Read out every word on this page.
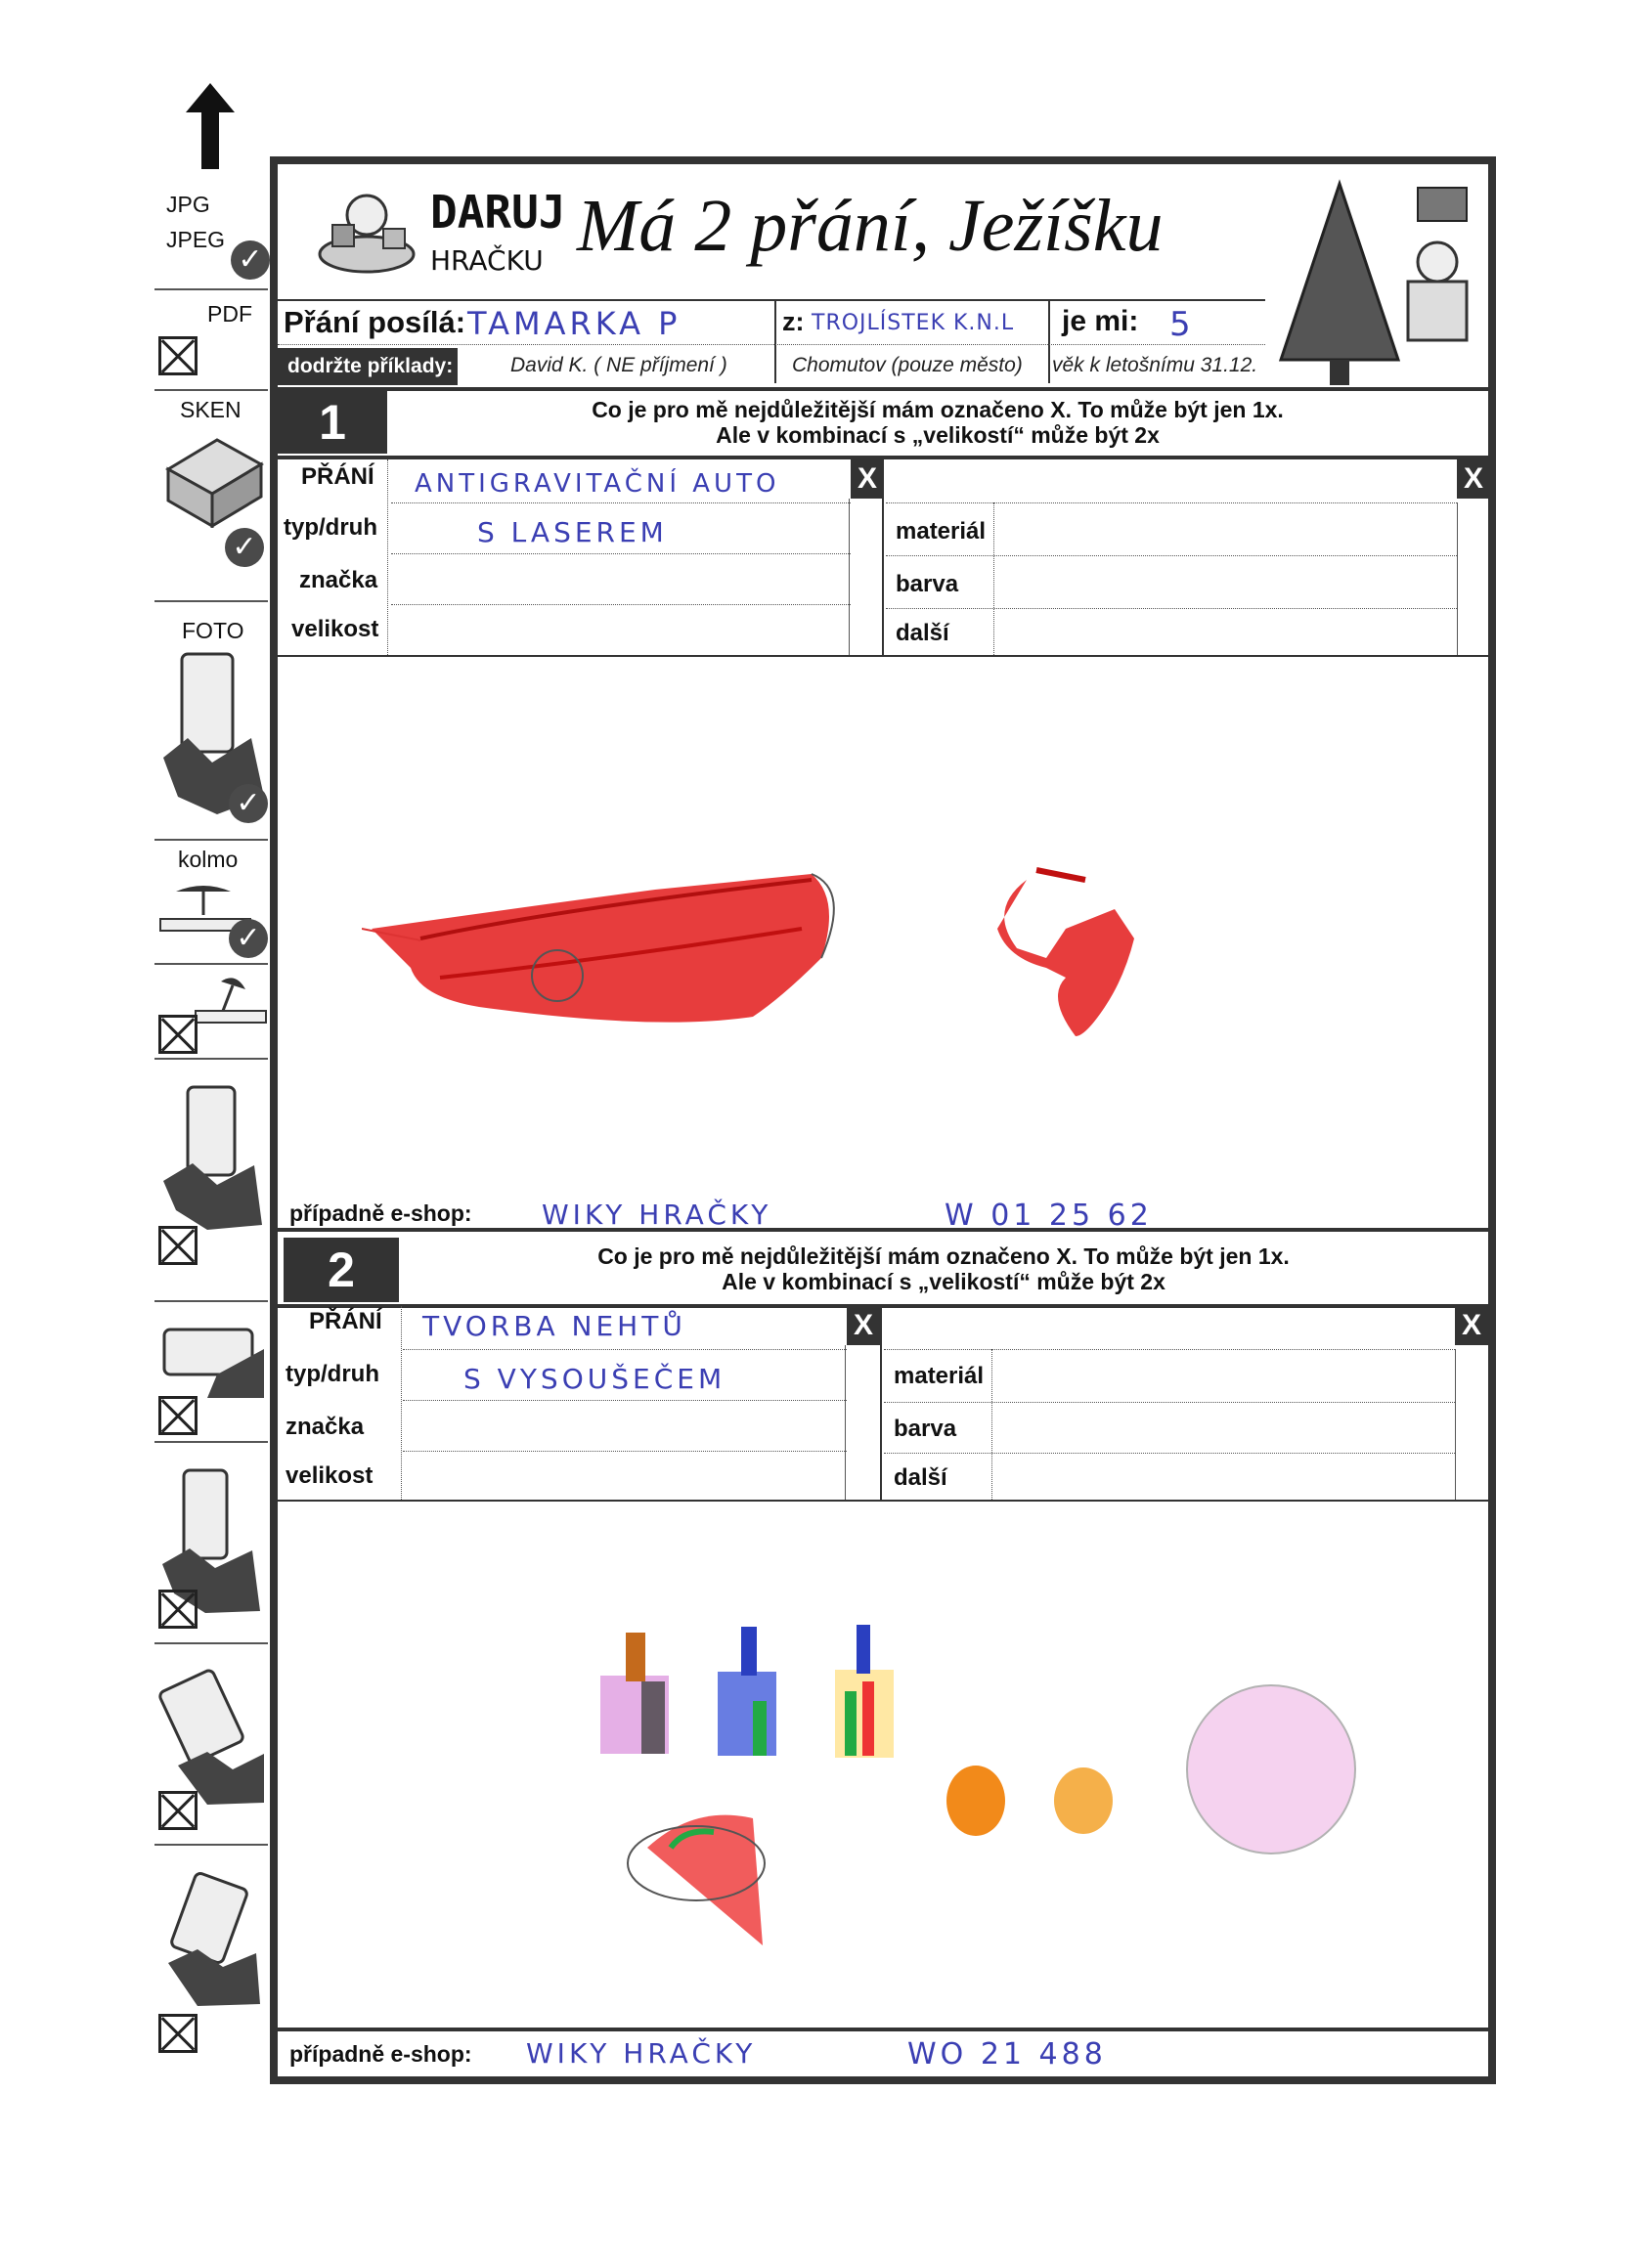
JPG
JPEG
✓
PDF
SKEN
✓
FOTO
✓
kolmo
✓
DARUJ
HRAČKU Má 2 přání, Ježíšku
Přání posílá: TAMARKA P	z: TROJLÍSTEK K.N.L je mi: 5
dodržte příklady:	David K. ( NE příjmení )	Chomutov (pouze město) věk k letošnímu 31.12.
1	Co je pro mě nejdůležitější mám označeno X. To může být jen 1x.
Ale v kombinací s „velikostí“ může být 2x
PŘÁNÍ ANTIGRAVITAČNÍ AUTO	X
typ/druh	S LASEREM
značka
velikost
X
materiál
barva
další
případně e-shop:	WIKY HRAČKY	W 01 25 62
2	Co je pro mě nejdůležitější mám označeno X. To může být jen 1x.
Ale v kombinací s „velikostí“ může být 2x
PŘÁNÍ TVORBA NEHTŮ	X
typ/druh	S VYSOUŠEČEM
značka
velikost
X
materiál
barva
další
případně e-shop: WIKY HRAČKY	WO 21 488
